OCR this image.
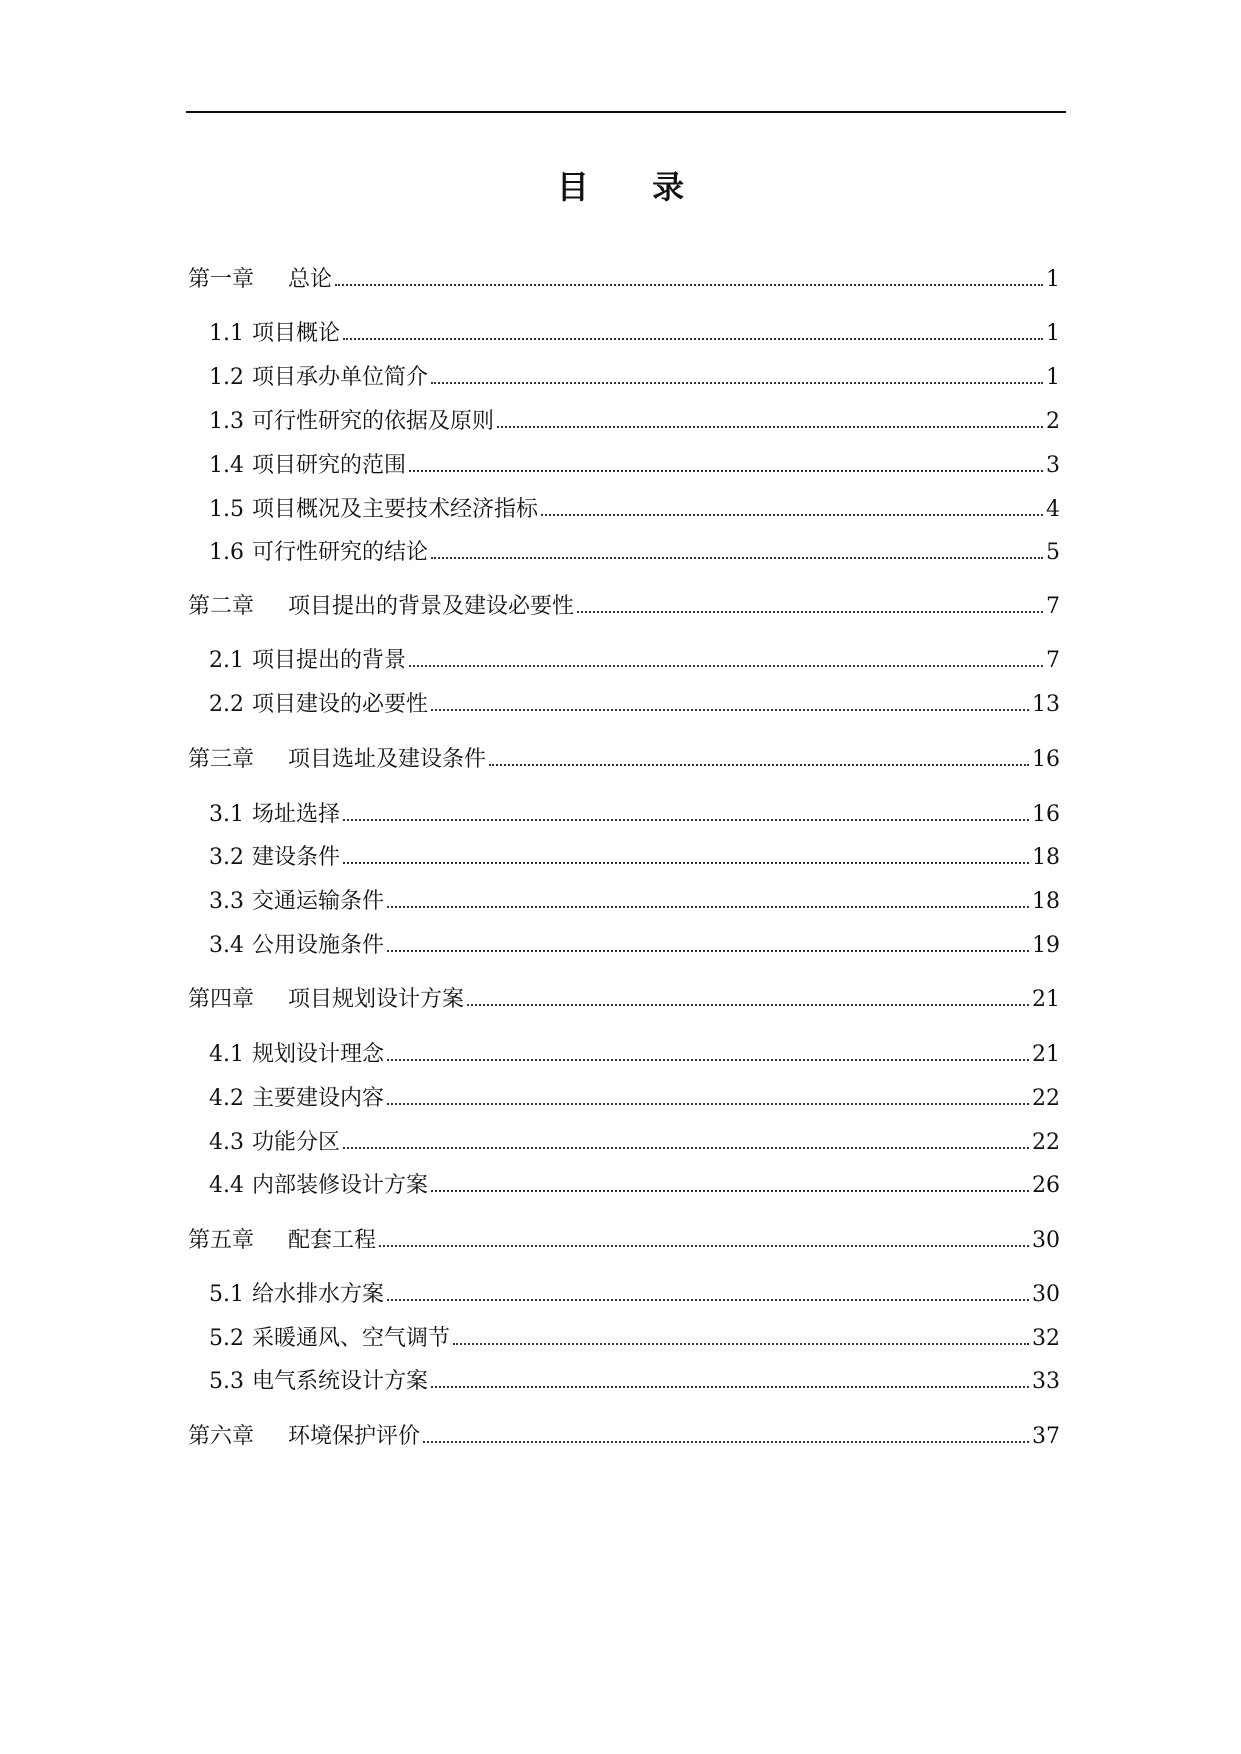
目 录
第一章 总论	1
1.1 项目概论	1
1.2 项目承办单位简介	1
1.3 可行性研究的依据及原则	2
1.4 项目研究的范围	3
1.5 项目概况及主要技术经济指标	4
1.6 可行性研究的结论	5
第二章 项目提出的背景及建设必要性	7
2.1 项目提出的背景	7
2.2 项目建设的必要性	13
第三章 项目选址及建设条件	16
3.1 场址选择	16
3.2 建设条件	18
3.3 交通运输条件	18
3.4 公用设施条件	19
第四章 项目规划设计方案	21
4.1 规划设计理念	21
4.2 主要建设内容	22
4.3 功能分区	22
4.4 内部装修设计方案	26
第五章 配套工程	30
5.1 给水排水方案	30
5.2 采暖通风、空气调节	32
5.3 电气系统设计方案	33
第六章 环境保护评价	37
